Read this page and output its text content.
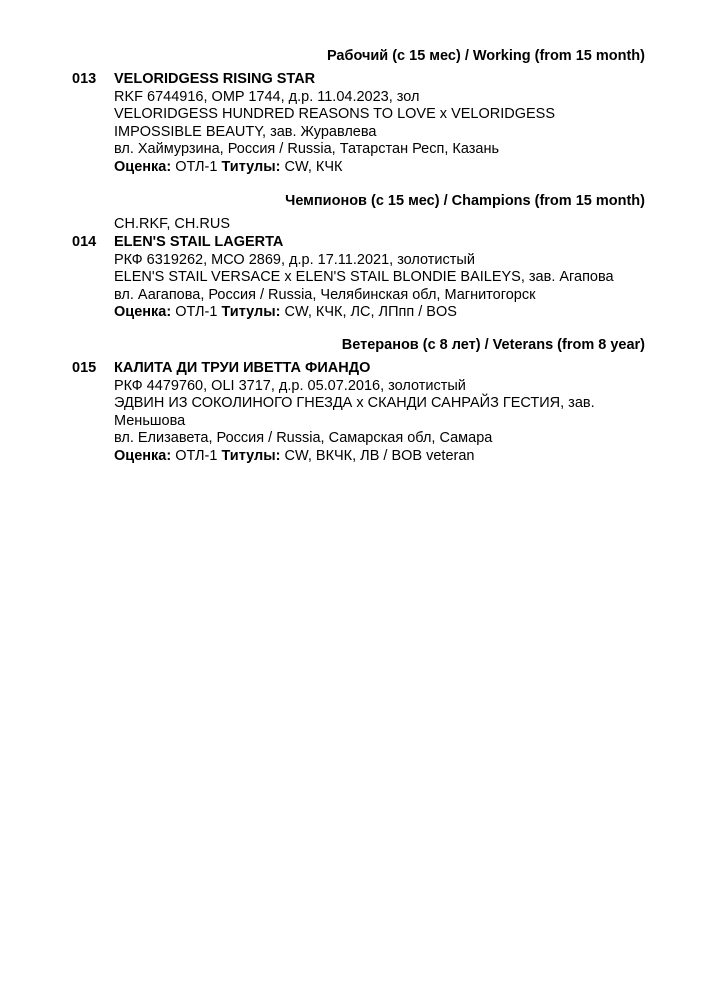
Рабочий (с 15 мес) / Working (from 15 month)
013	VELORIDGESS RISING STAR
RKF 6744916, OMP 1744, д.р. 11.04.2023, зол
VELORIDGESS HUNDRED REASONS TO LOVE x VELORIDGESS IMPOSSIBLE BEAUTY, зав. Журавлева
вл. Хаймурзина, Россия / Russia, Татарстан Респ, Казань
Оценка: ОТЛ-1 Титулы: CW, КЧК
Чемпионов (с 15 мес) / Champions (from 15 month)
CH.RKF, CH.RUS
014	ELEN'S STAIL LAGERTA
РКФ 6319262, МСО 2869, д.р. 17.11.2021, золотистый
ELEN'S STAIL VERSACE x ELEN'S STAIL BLONDIE BAILEYS, зав. Агапова
вл. Аагапова, Россия / Russia, Челябинская обл, Магнитогорск
Оценка: ОТЛ-1 Титулы: CW, КЧК, ЛС, ЛПпп / BOS
Ветеранов (с 8 лет) / Veterans (from 8 year)
015	КАЛИТА ДИ ТРУИ ИВЕТТА ФИАНДО
РКФ 4479760, OLI 3717, д.р. 05.07.2016, золотистый
ЭДВИН ИЗ СОКОЛИНОГО ГНЕЗДА x СКАНДИ САНРАЙЗ ГЕСТИЯ, зав. Меньшова
вл. Елизавета, Россия / Russia, Самарская обл, Самара
Оценка: ОТЛ-1 Титулы: CW, ВКЧК, ЛВ / BOB veteran
